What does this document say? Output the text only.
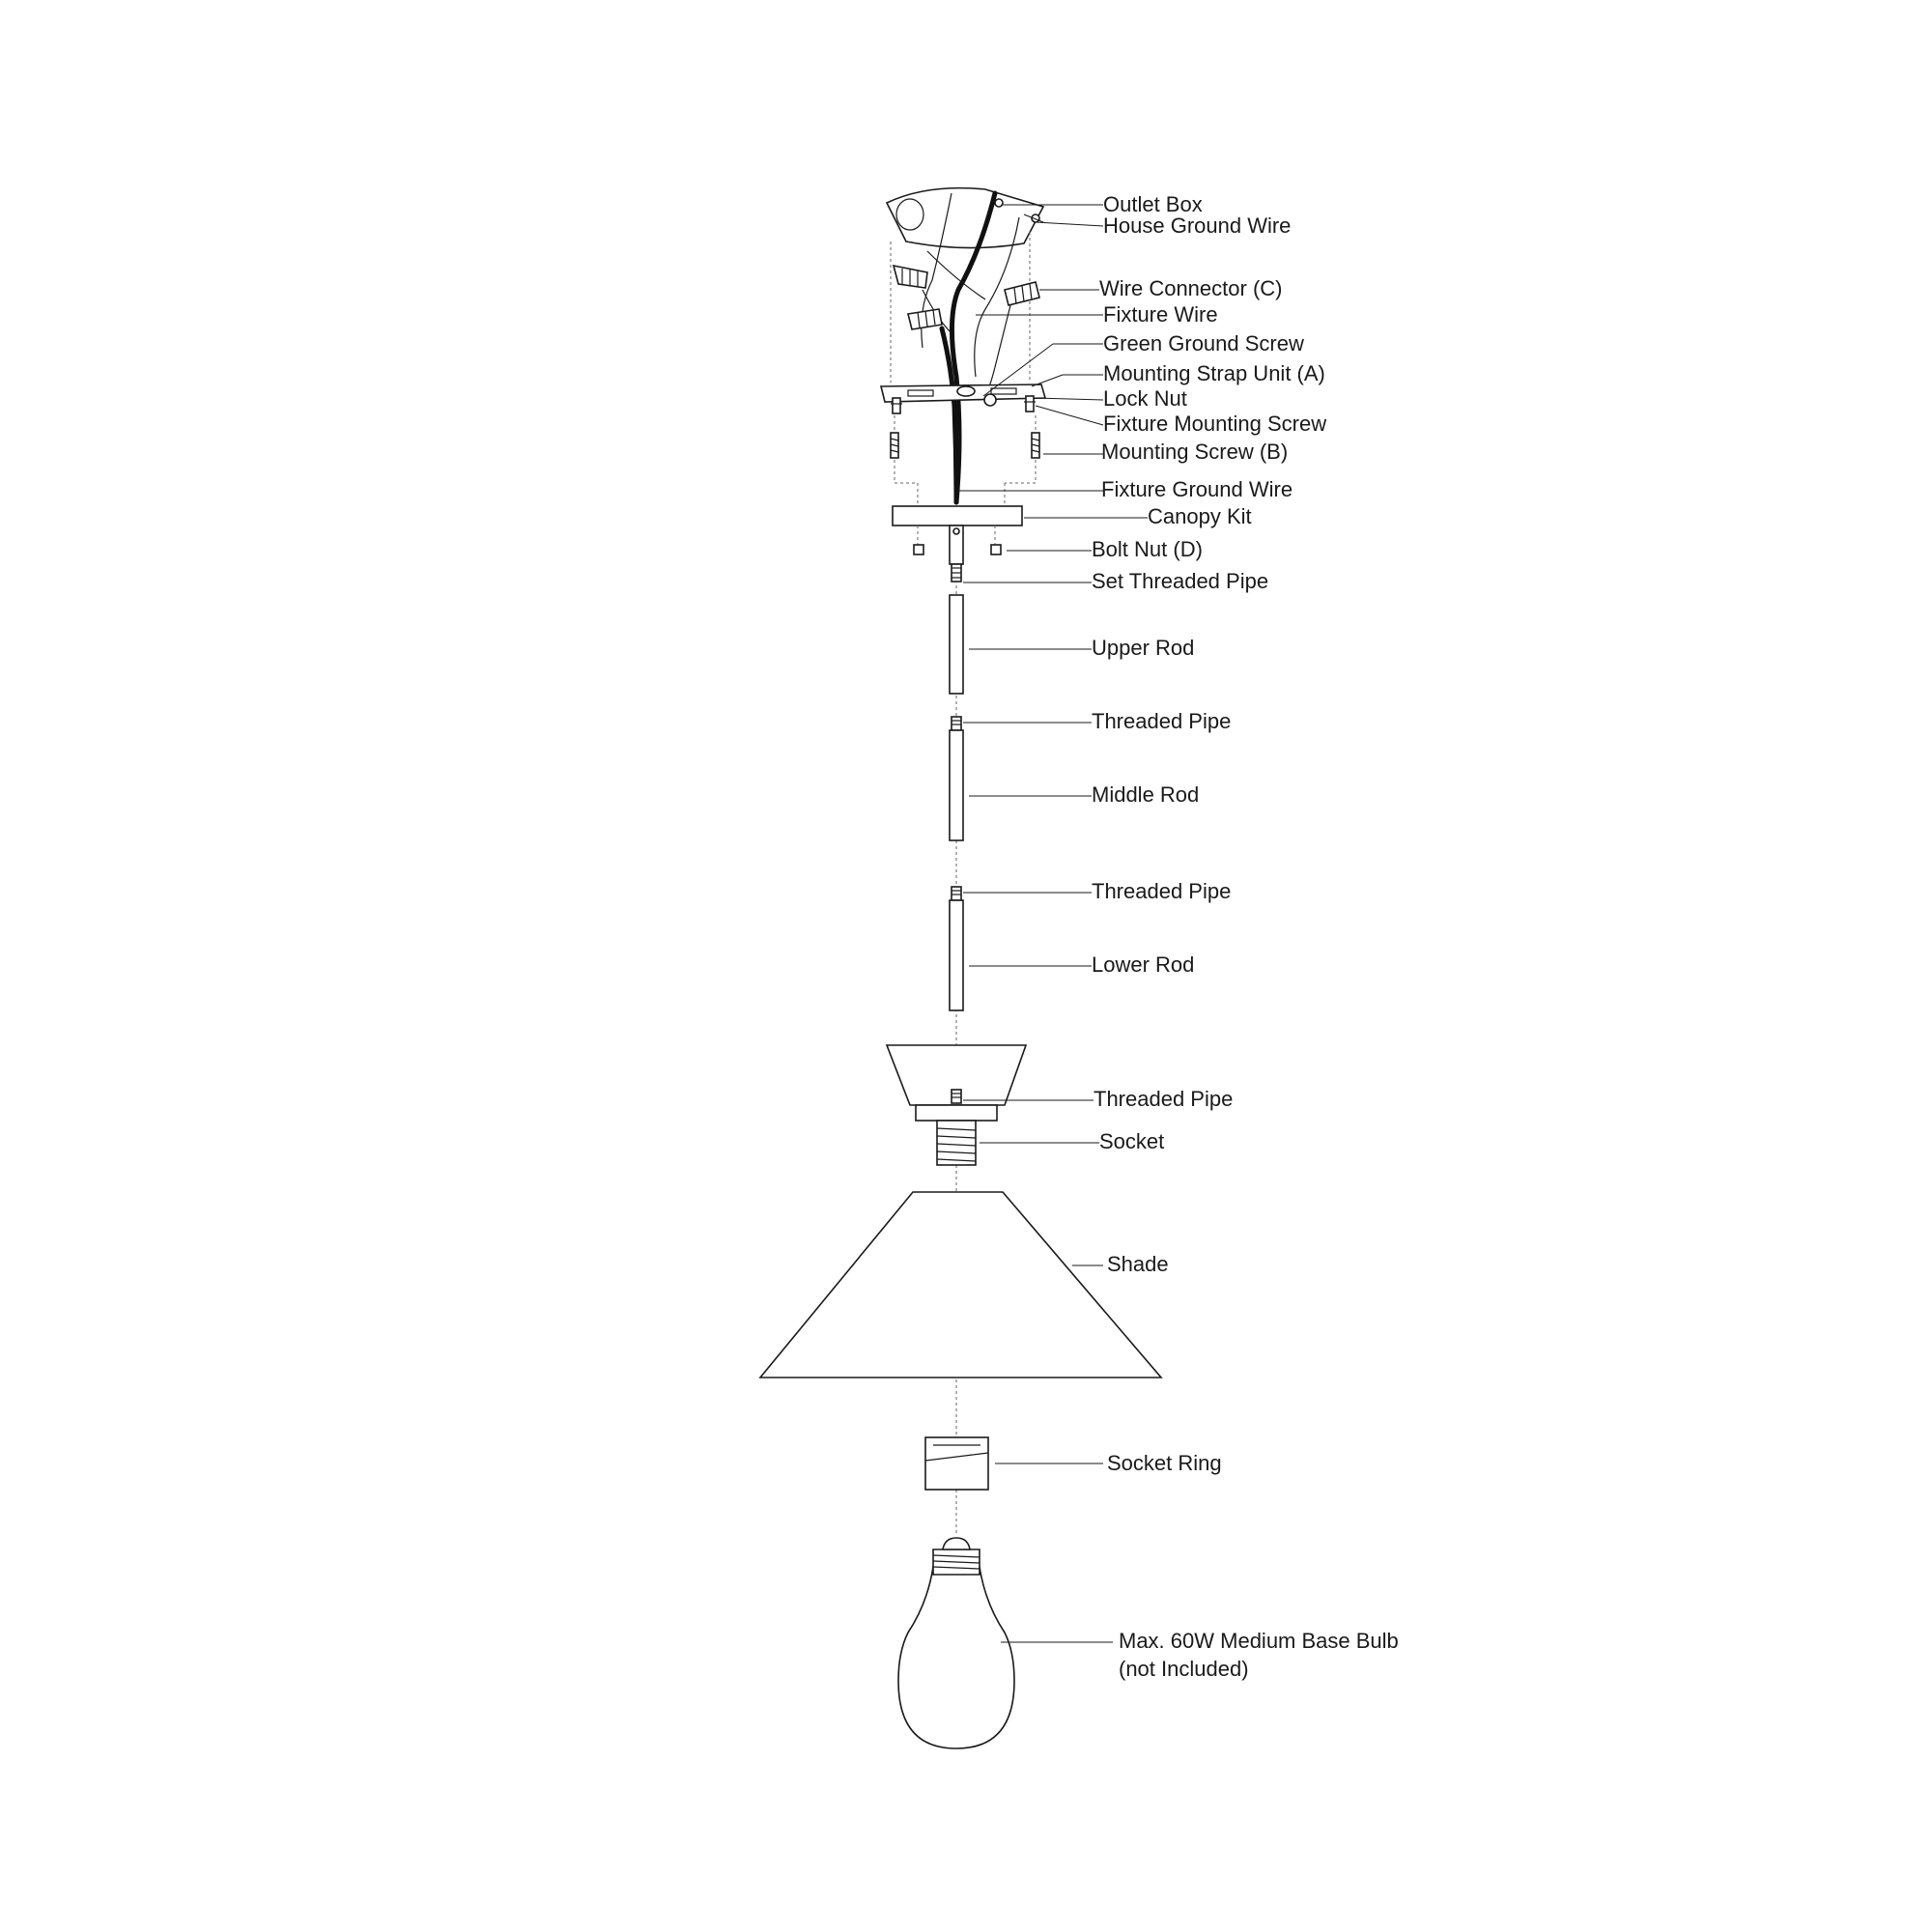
Outlet Box
House Ground Wire
Wire Connector (C)
Fixture Wire
Green Ground Screw
Mounting Strap Unit (A)
Lock Nut
Fixture Mounting Screw
Mounting Screw (B)
Fixture Ground Wire
Canopy Kit
Bolt Nut (D)
Set Threaded Pipe
Upper Rod
Threaded Pipe
Middle Rod
Threaded Pipe
Lower Rod
Threaded Pipe
Socket
Shade
Socket Ring
Max. 60W Medium Base Bulb
(not Included)
